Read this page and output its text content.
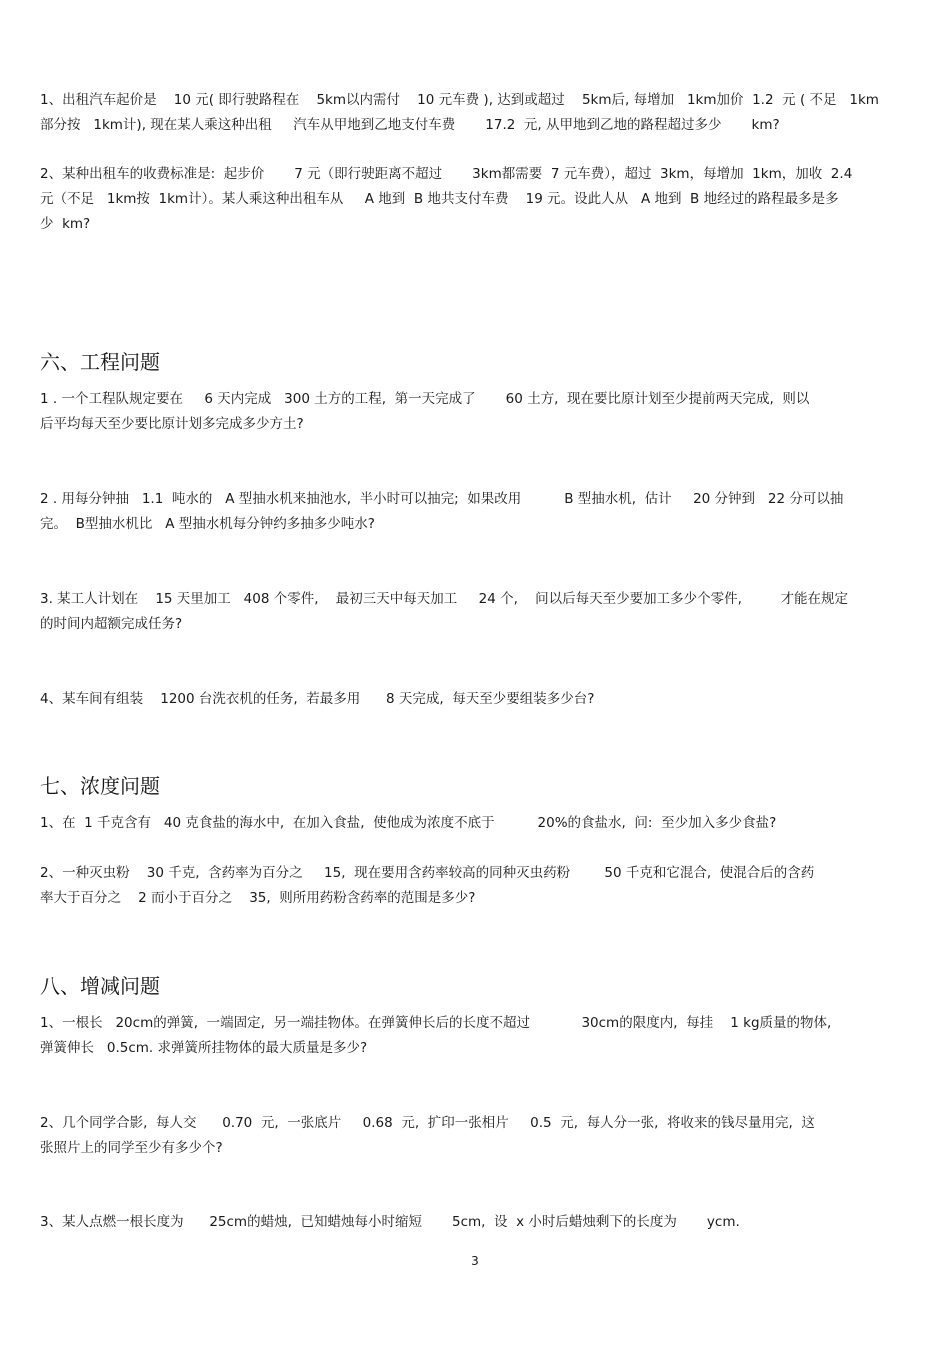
1、出租汽车起价是    10 元( 即行驶路程在    5km以内需付    10 元车费 ), 达到或超过    5km后, 每增加   1km加价  1.2  元 ( 不足   1km
部分按   1km计), 现在某人乘这种出租     汽车从甲地到乙地支付车费       17.2  元, 从甲地到乙地的路程超过多少       km?
2、某种出租车的收费标准是:  起步价       7 元（即行驶距离不超过       3km都需要  7 元车费），超过  3km，每增加  1km，加收  2.4
元（不足   1km按  1km计）。某人乘这种出租车从     A 地到  B 地共支付车费    19 元。设此人从   A 地到  B 地经过的路程最多是多
少  km?
六、工程问题
1 . 一个工程队规定要在     6 天内完成   300 土方的工程,  第一天完成了       60 土方,  现在要比原计划至少提前两天完成,  则以
后平均每天至少要比原计划多完成多少方土?
2 . 用每分钟抽   1.1  吨水的   A 型抽水机来抽池水,  半小时可以抽完;  如果改用          B 型抽水机,  估计     20 分钟到   22 分可以抽
完。  B型抽水机比   A 型抽水机每分钟约多抽多少吨水?
3. 某工人计划在    15 天里加工   408 个零件,    最初三天中每天加工     24 个,    问以后每天至少要加工多少个零件,         才能在规定
的时间内超额完成任务?
4、某车间有组装    1200 台洗衣机的任务,  若最多用      8 天完成,  每天至少要组装多少台?
七、浓度问题
1、在  1 千克含有   40 克食盐的海水中,  在加入食盐,  使他成为浓度不底于          20%的食盐水,  问:  至少加入多少食盐?
2、一种灭虫粉    30 千克,  含药率为百分之     15,  现在要用含药率较高的同种灭虫药粉        50 千克和它混合,  使混合后的含药
率大于百分之    2 而小于百分之    35,  则所用药粉含药率的范围是多少?
八、增减问题
1、一根长   20cm的弹簧,  一端固定,  另一端挂物体。在弹簧伸长后的长度不超过            30cm的限度内,  每挂    1 kg质量的物体,
弹簧伸长   0.5cm. 求弹簧所挂物体的最大质量是多少?
2、几个同学合影,  每人交      0.70  元,  一张底片     0.68  元,  扩印一张相片     0.5  元,  每人分一张,  将收来的钱尽量用完,  这
张照片上的同学至少有多少个?
3、某人点燃一根长度为      25cm的蜡烛,  已知蜡烛每小时缩短       5cm,  设  x 小时后蜡烛剩下的长度为       ycm.
3
